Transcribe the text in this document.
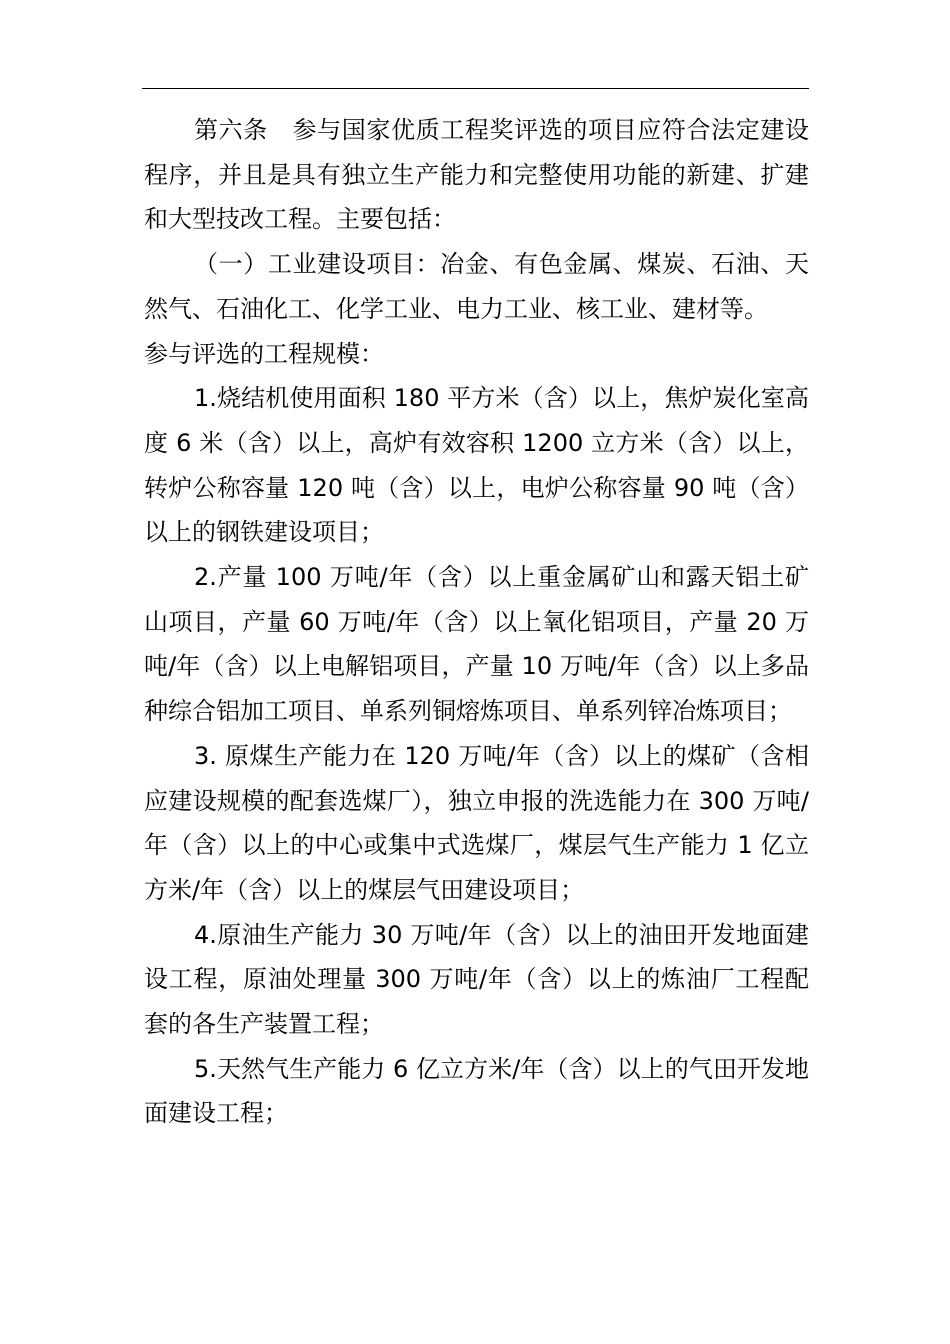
第六条　参与国家优质工程奖评选的项目应符合法定建设程序，并且是具有独立生产能力和完整使用功能的新建、扩建和大型技改工程。主要包括：

（一）工业建设项目：冶金、有色金属、煤炭、石油、天然气、石油化工、化学工业、电力工业、核工业、建材等。

参与评选的工程规模：

1.烧结机使用面积 180 平方米（含）以上，焦炉炭化室高度 6 米（含）以上，高炉有效容积 1200 立方米（含）以上，转炉公称容量 120 吨（含）以上，电炉公称容量 90 吨（含）以上的钢铁建设项目；

2.产量 100 万吨/年（含）以上重金属矿山和露天铝土矿山项目，产量 60 万吨/年（含）以上氧化铝项目，产量 20 万吨/年（含）以上电解铝项目，产量 10 万吨/年（含）以上多品种综合铝加工项目、单系列铜熔炼项目、单系列锌冶炼项目；

3. 原煤生产能力在 120 万吨/年（含）以上的煤矿（含相应建设规模的配套选煤厂），独立申报的洗选能力在 300 万吨/年（含）以上的中心或集中式选煤厂，煤层气生产能力 1 亿立方米/年（含）以上的煤层气田建设项目；

4.原油生产能力 30 万吨/年（含）以上的油田开发地面建设工程，原油处理量 300 万吨/年（含）以上的炼油厂工程配套的各生产装置工程；

5.天然气生产能力 6 亿立方米/年（含）以上的气田开发地面建设工程；
